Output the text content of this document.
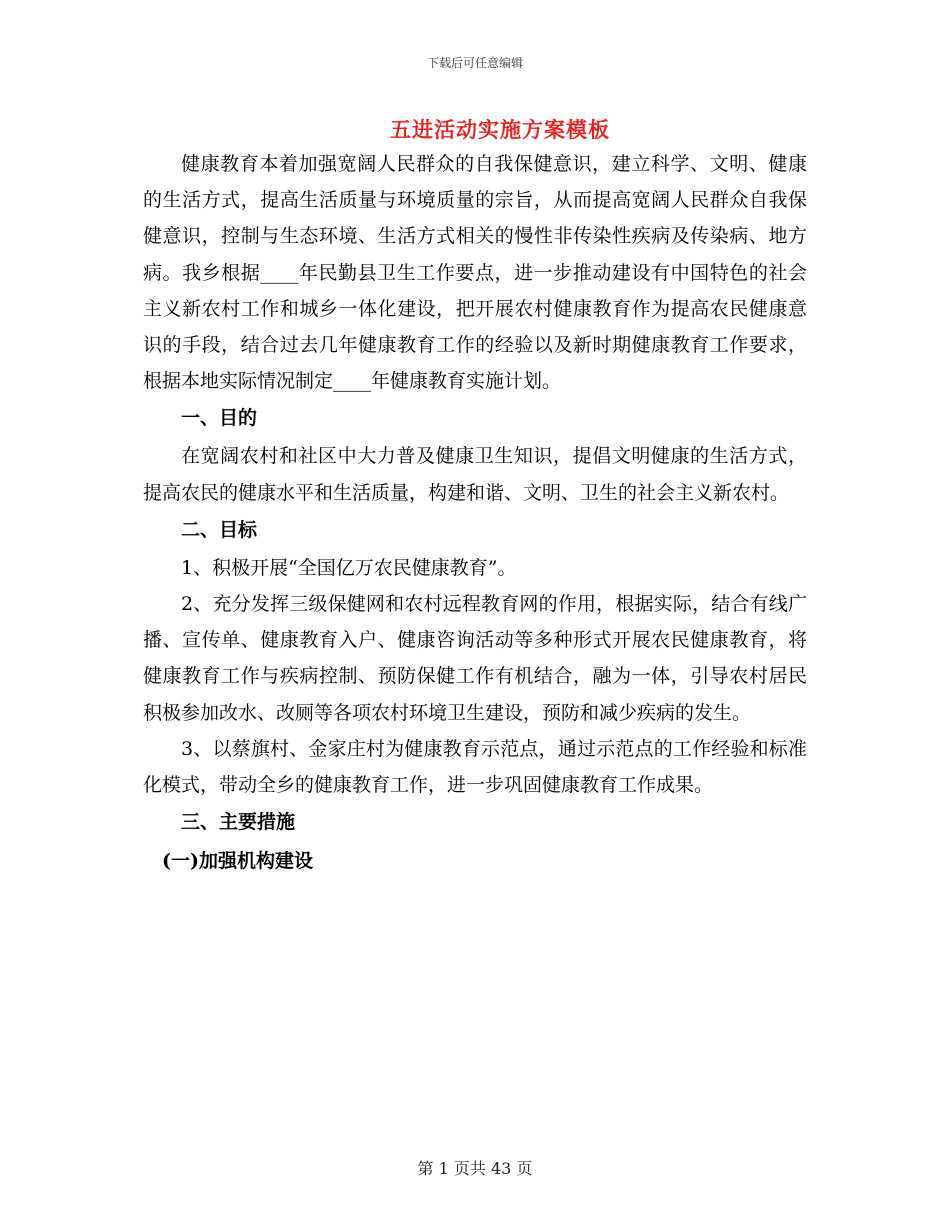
下载后可任意编辑
五进活动实施方案模板

健康教育本着加强宽阔人民群众的自我保健意识，建立科学、文明、健康的生活方式，提高生活质量与环境质量的宗旨，从而提高宽阔人民群众自我保健意识，控制与生态环境、生活方式相关的慢性非传染性疾病及传染病、地方病。我乡根据____年民勤县卫生工作要点，进一步推动建设有中国特色的社会主义新农村工作和城乡一体化建设，把开展农村健康教育作为提高农民健康意识的手段，结合过去几年健康教育工作的经验以及新时期健康教育工作要求，根据本地实际情况制定____年健康教育实施计划。

一、目的

在宽阔农村和社区中大力普及健康卫生知识，提倡文明健康的生活方式，提高农民的健康水平和生活质量，构建和谐、文明、卫生的社会主义新农村。

二、目标

1、积极开展“全国亿万农民健康教育”。

2、充分发挥三级保健网和农村远程教育网的作用，根据实际，结合有线广播、宣传单、健康教育入户、健康咨询活动等多种形式开展农民健康教育，将健康教育工作与疾病控制、预防保健工作有机结合，融为一体，引导农村居民积极参加改水、改厕等各项农村环境卫生建设，预防和减少疾病的发生。

3、以蔡旗村、金家庄村为健康教育示范点，通过示范点的工作经验和标准化模式，带动全乡的健康教育工作，进一步巩固健康教育工作成果。

三、主要措施

(一)加强机构建设

第 1 页共 43 页
